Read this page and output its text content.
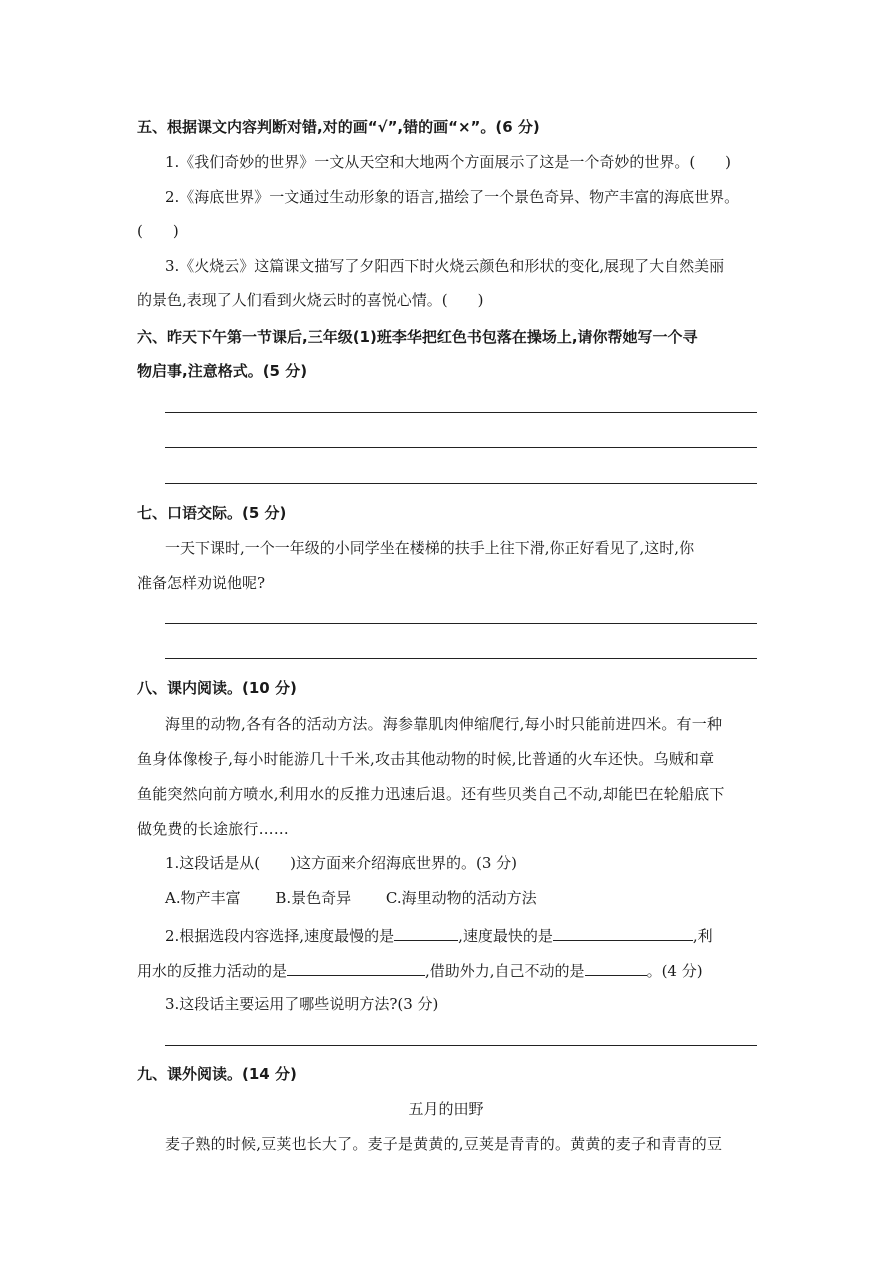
五、根据课文内容判断对错,对的画“√”,错的画“×”。(6 分)
1.《我们奇妙的世界》一文从天空和大地两个方面展示了这是一个奇妙的世界。(　　)
2.《海底世界》一文通过生动形象的语言,描绘了一个景色奇异、物产丰富的海底世界。
(　　)
3.《火烧云》这篇课文描写了夕阳西下时火烧云颜色和形状的变化,展现了大自然美丽
的景色,表现了人们看到火烧云时的喜悦心情。(　　)
六、昨天下午第一节课后,三年级(1)班李华把红色书包落在操场上,请你帮她写一个寻
物启事,注意格式。(5 分)
七、口语交际。(5 分)
一天下课时,一个一年级的小同学坐在楼梯的扶手上往下滑,你正好看见了,这时,你
准备怎样劝说他呢?
八、课内阅读。(10 分)
海里的动物,各有各的活动方法。海参靠肌肉伸缩爬行,每小时只能前进四米。有一种
鱼身体像梭子,每小时能游几十千米,攻击其他动物的时候,比普通的火车还快。乌贼和章
鱼能突然向前方喷水,利用水的反推力迅速后退。还有些贝类自己不动,却能巴在轮船底下
做免费的长途旅行……
1.这段话是从(　　)这方面来介绍海底世界的。(3 分)
A.物产丰富　　 B.景色奇异　　 C.海里动物的活动方法
2.根据选段内容选择,速度最慢的是	,速度最快的是	,利
用水的反推力活动的是	,借助外力,自己不动的是	。(4 分)
3.这段话主要运用了哪些说明方法?(3 分)
九、课外阅读。(14 分)
五月的田野
麦子熟的时候,豆荚也长大了。麦子是黄黄的,豆荚是青青的。黄黄的麦子和青青的豆
